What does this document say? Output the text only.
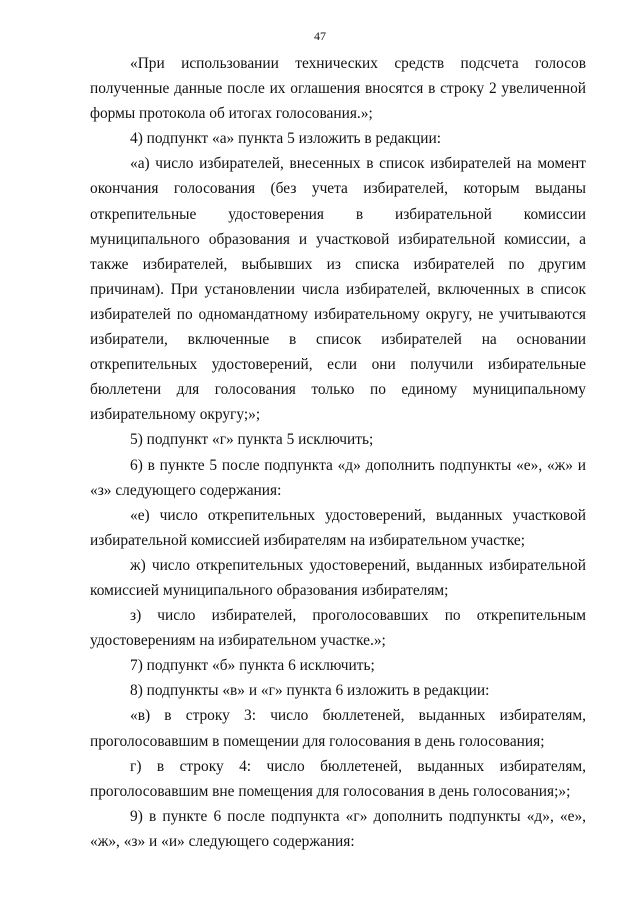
47

«При использовании технических средств подсчета голосов полученные данные после их оглашения вносятся в строку 2 увеличенной формы протокола об итогах голосования.»;

4) подпункт «а» пункта 5 изложить в редакции:

«а) число избирателей, внесенных в список избирателей на момент окончания голосования (без учета избирателей, которым выданы открепительные удостоверения в избирательной комиссии муниципального образования и участковой избирательной комиссии, а также избирателей, выбывших из списка избирателей по другим причинам). При установлении числа избирателей, включенных в список избирателей по одномандатному избирательному округу, не учитываются избиратели, включенные в список избирателей на основании открепительных удостоверений, если они получили избирательные бюллетени для голосования только по единому муниципальному избирательному округу;»;

5) подпункт «г» пункта 5 исключить;

6) в пункте 5 после подпункта «д» дополнить подпункты «е», «ж» и «з» следующего содержания:

«е) число открепительных удостоверений, выданных участковой избирательной комиссией избирателям на избирательном участке;

ж) число открепительных удостоверений, выданных избирательной комиссией муниципального образования избирателям;

з) число избирателей, проголосовавших по открепительным удостоверениям на избирательном участке.»;

7) подпункт «б» пункта 6 исключить;

8) подпункты «в» и «г» пункта 6 изложить в редакции:

«в) в строку 3: число бюллетеней, выданных избирателям, проголосовавшим в помещении для голосования в день голосования;

г) в строку 4: число бюллетеней, выданных избирателям, проголосовавшим вне помещения для голосования в день голосования;»;

9) в пункте 6 после подпункта «г» дополнить подпункты «д», «е», «ж», «з» и «и» следующего содержания:
